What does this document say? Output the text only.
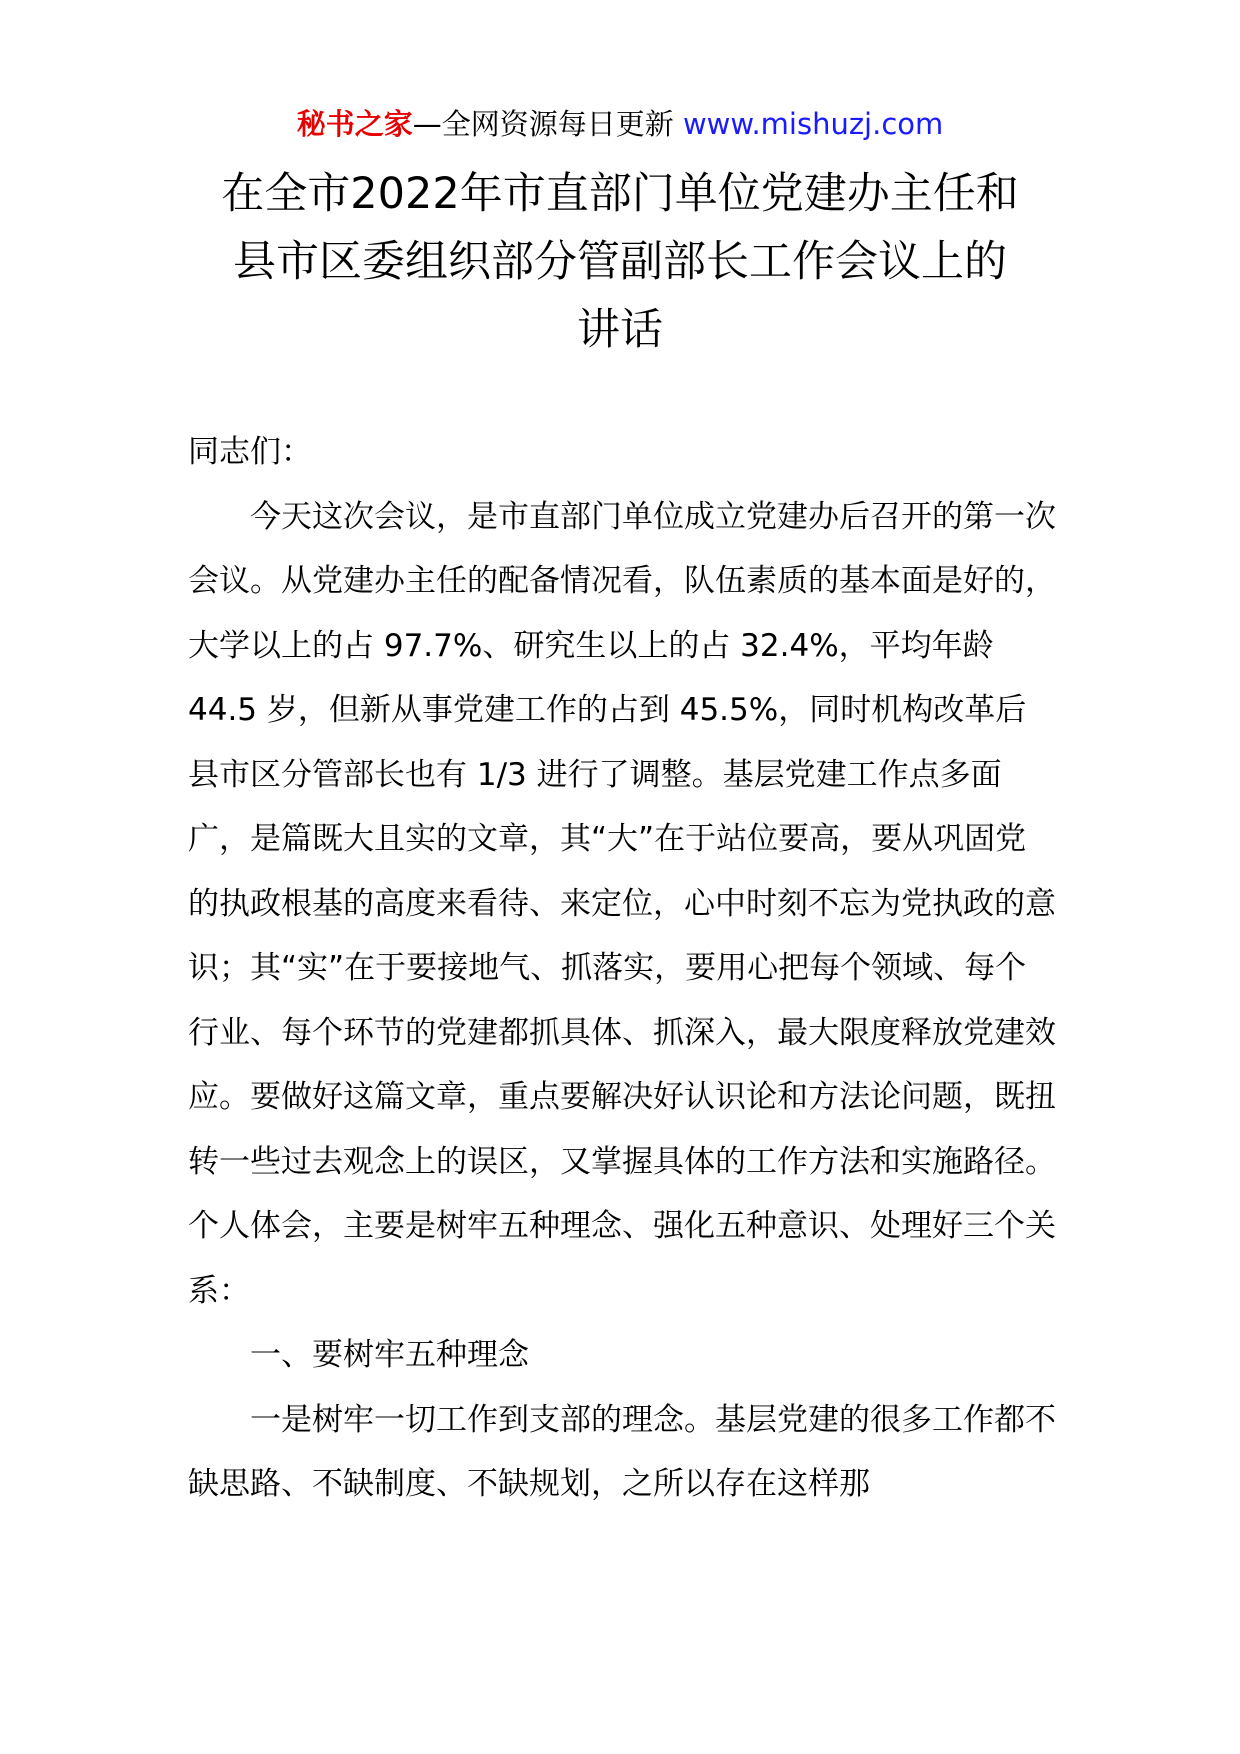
秘书之家—全网资源每日更新 www.mishuzj.com
在全市2022年市直部门单位党建办主任和
县市区委组织部分管副部长工作会议上的
讲话

同志们：

今天这次会议，是市直部门单位成立党建办后召开的第一次会议。从党建办主任的配备情况看，队伍素质的基本面是好的，大学以上的占 97.7%、研究生以上的占 32.4%，平均年龄 44.5 岁，但新从事党建工作的占到 45.5%，同时机构改革后县市区分管部长也有 1/3 进行了调整。基层党建工作点多面广，是篇既大且实的文章，其“大”在于站位要高，要从巩固党的执政根基的高度来看待、来定位，心中时刻不忘为党执政的意识；其“实”在于要接地气、抓落实，要用心把每个领域、每个行业、每个环节的党建都抓具体、抓深入，最大限度释放党建效应。要做好这篇文章，重点要解决好认识论和方法论问题，既扭转一些过去观念上的误区，又掌握具体的工作方法和实施路径。个人体会，主要是树牢五种理念、强化五种意识、处理好三个关系：

一、要树牢五种理念

一是树牢一切工作到支部的理念。基层党建的很多工作都不缺思路、不缺制度、不缺规划，之所以存在这样那
